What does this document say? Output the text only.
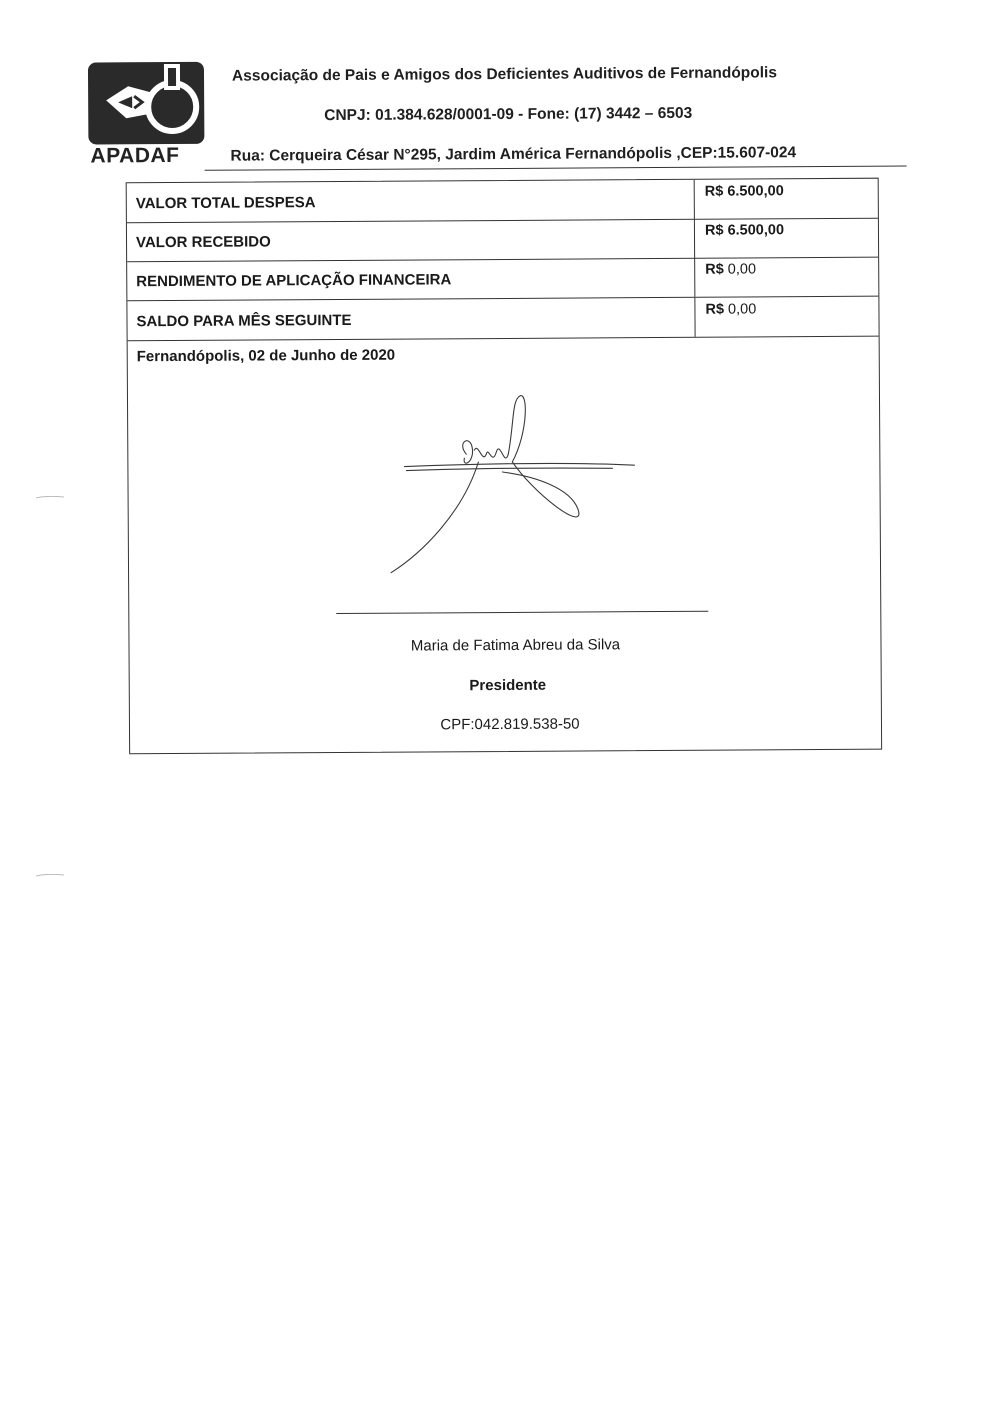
APADAF
Associação de Pais e Amigos dos Deficientes Auditivos de Fernandópolis
CNPJ: 01.384.628/0001-09 - Fone: (17) 3442 – 6503
Rua: Cerqueira César N°295, Jardim América Fernandópolis ,CEP:15.607-024
VALOR TOTAL DESPESA
R$ 6.500,00
VALOR RECEBIDO
R$ 6.500,00
RENDIMENTO DE APLICAÇÃO FINANCEIRA
R$ 0,00
SALDO PARA MÊS SEGUINTE
R$ 0,00
Fernandópolis, 02 de Junho de 2020
Maria de Fatima Abreu da Silva
Presidente
CPF:042.819.538-50
